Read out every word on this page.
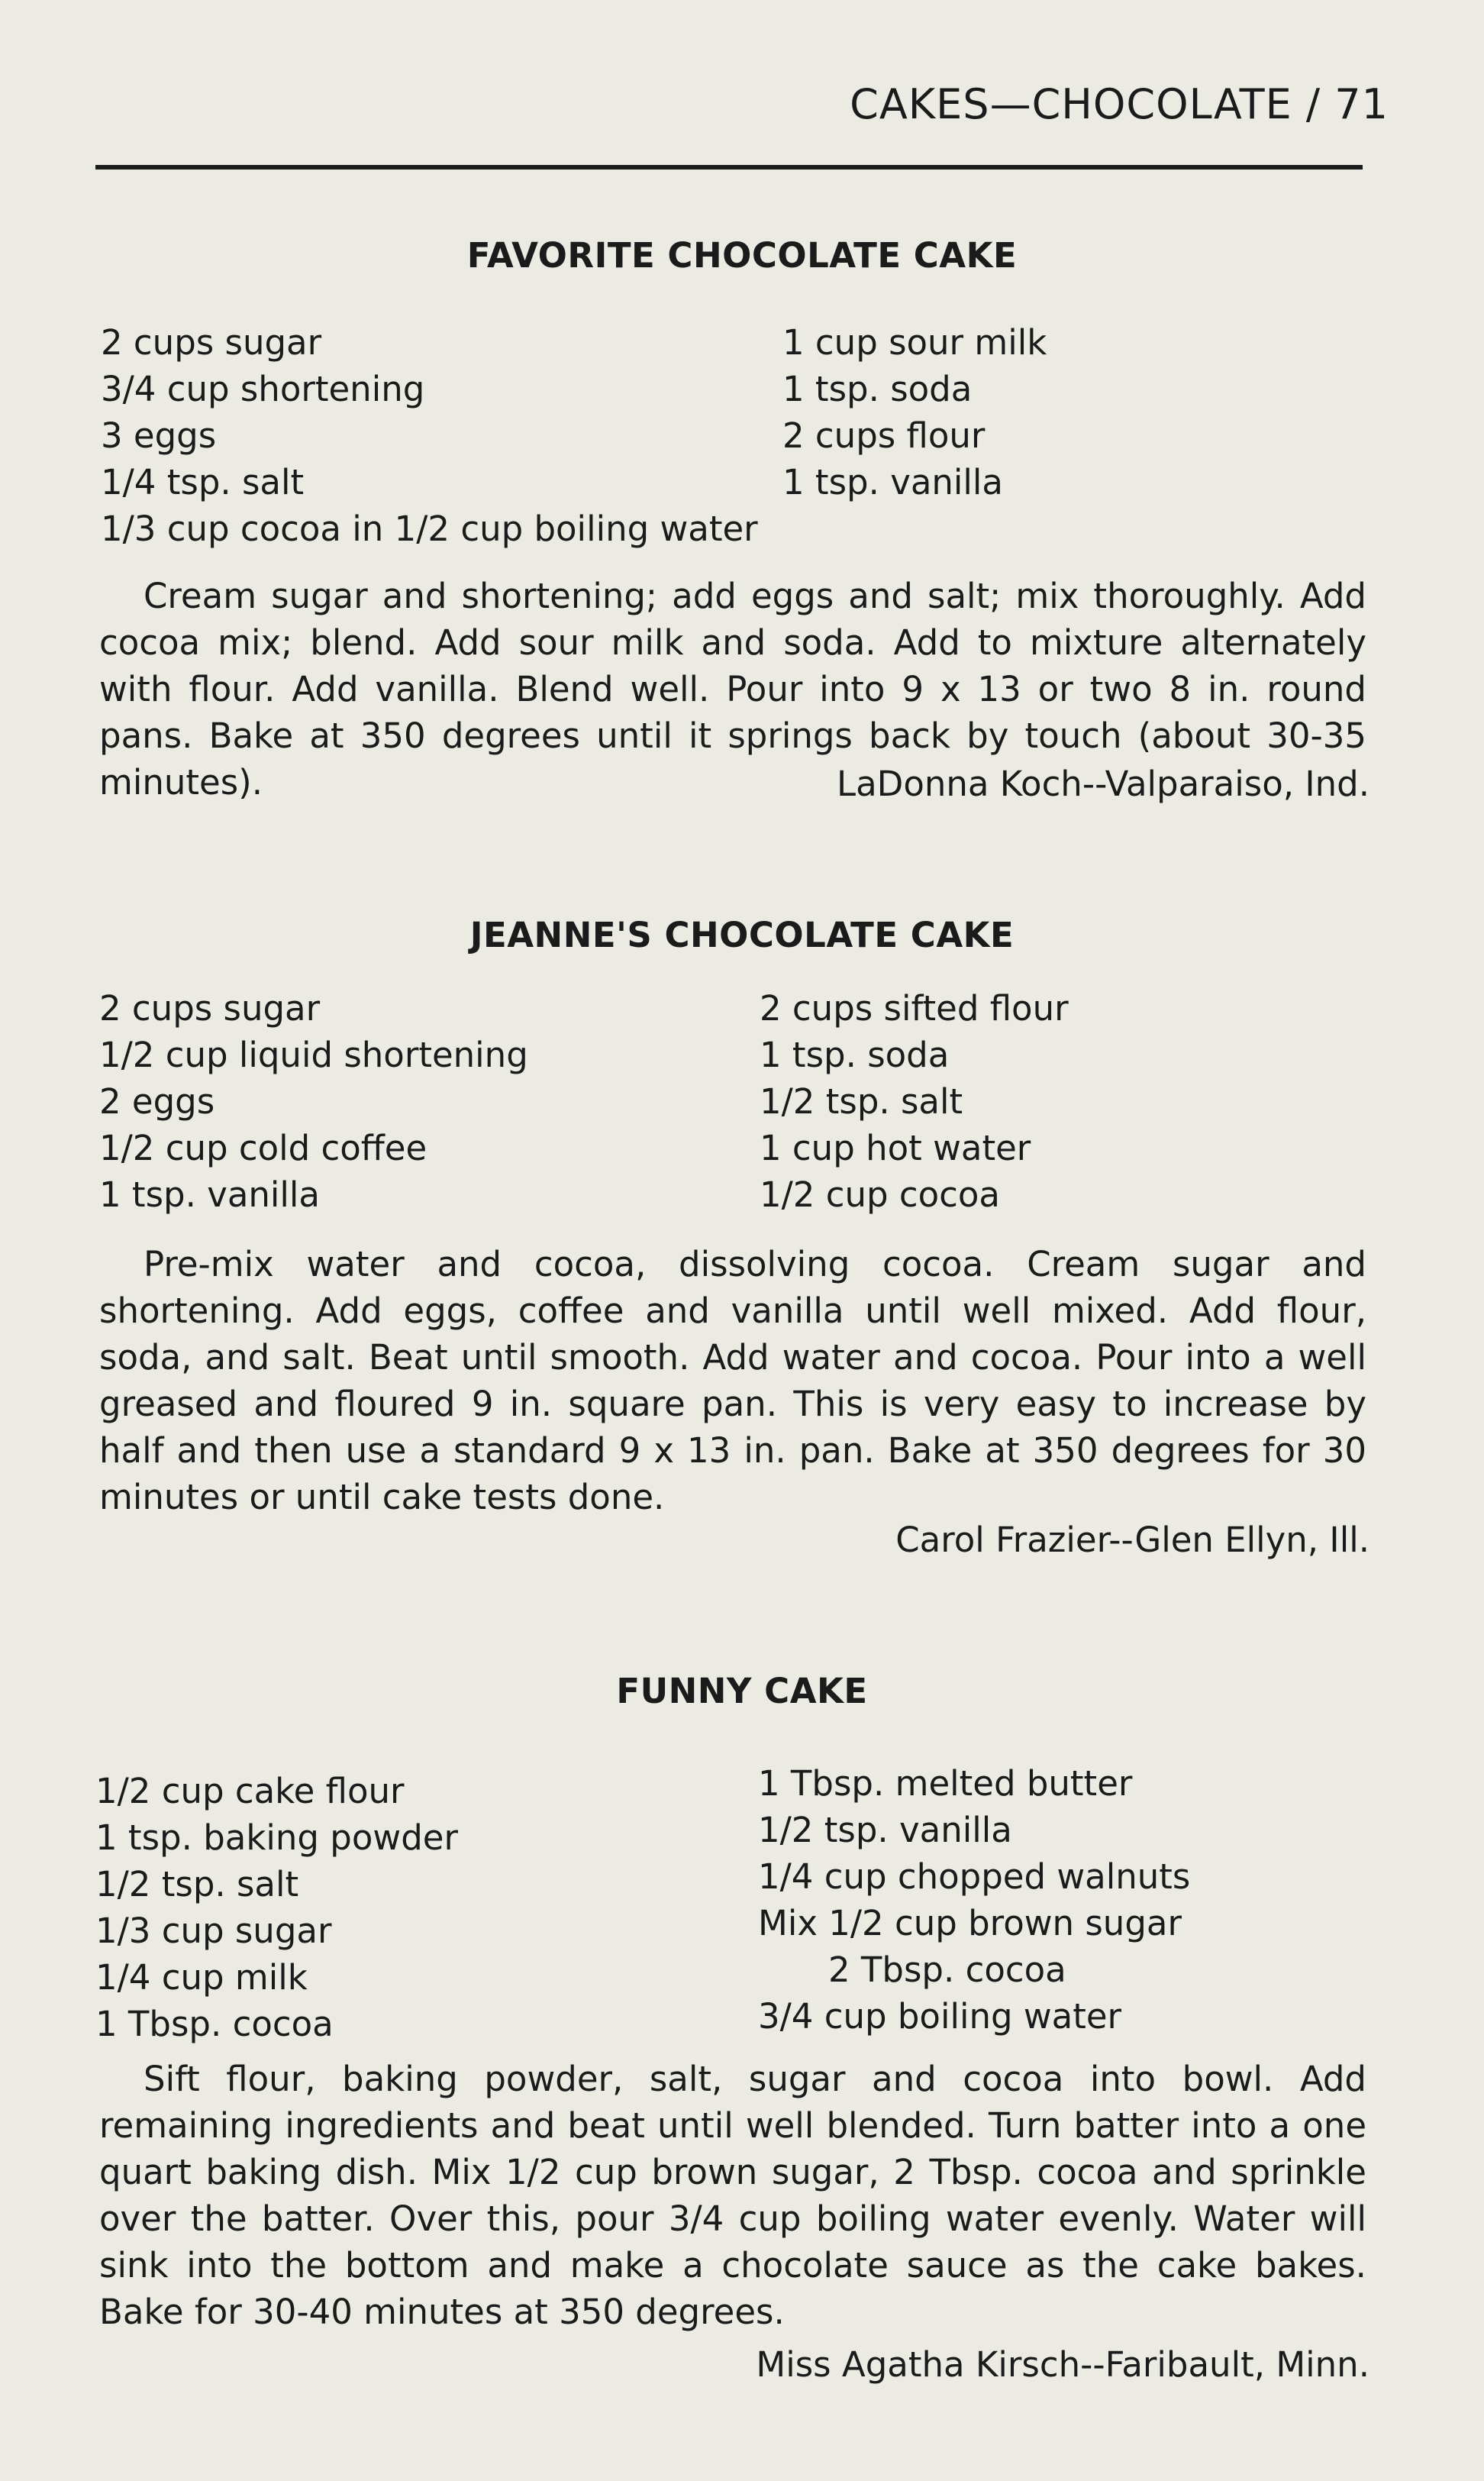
CAKES—CHOCOLATE / 71
FAVORITE CHOCOLATE CAKE
2 cups sugar
3/4 cup shortening
3 eggs
1/4 tsp. salt
1/3 cup cocoa in 1/2 cup boiling water
1 cup sour milk
1 tsp. soda
2 cups flour
1 tsp. vanilla
Cream sugar and shortening; add eggs and salt; mix thoroughly. Add cocoa mix; blend. Add sour milk and soda. Add to mixture alternately with flour. Add vanilla. Blend well. Pour into 9 x 13 or two 8 in. round pans. Bake at 350 degrees until it springs back by touch (about 30-35 minutes).	LaDonna Koch--Valparaiso, Ind.
JEANNE'S CHOCOLATE CAKE
2 cups sugar
1/2 cup liquid shortening
2 eggs
1/2 cup cold coffee
1 tsp. vanilla
2 cups sifted flour
1 tsp. soda
1/2 tsp. salt
1 cup hot water
1/2 cup cocoa
Pre-mix water and cocoa, dissolving cocoa. Cream sugar and shortening. Add eggs, coffee and vanilla until well mixed. Add flour, soda, and salt. Beat until smooth. Add water and cocoa. Pour into a well greased and floured 9 in. square pan. This is very easy to increase by half and then use a standard 9 x 13 in. pan. Bake at 350 degrees for 30 minutes or until cake tests done.
Carol Frazier--Glen Ellyn, Ill.
FUNNY CAKE
1/2 cup cake flour
1 tsp. baking powder
1/2 tsp. salt
1/3 cup sugar
1/4 cup milk
1 Tbsp. cocoa
1 Tbsp. melted butter
1/2 tsp. vanilla
1/4 cup chopped walnuts
Mix 1/2 cup brown sugar
2 Tbsp. cocoa
3/4 cup boiling water
Sift flour, baking powder, salt, sugar and cocoa into bowl. Add remaining ingredients and beat until well blended. Turn batter into a one quart baking dish. Mix 1/2 cup brown sugar, 2 Tbsp. cocoa and sprinkle over the batter. Over this, pour 3/4 cup boiling water evenly. Water will sink into the bottom and make a chocolate sauce as the cake bakes. Bake for 30-40 minutes at 350 degrees.
Miss Agatha Kirsch--Faribault, Minn.
